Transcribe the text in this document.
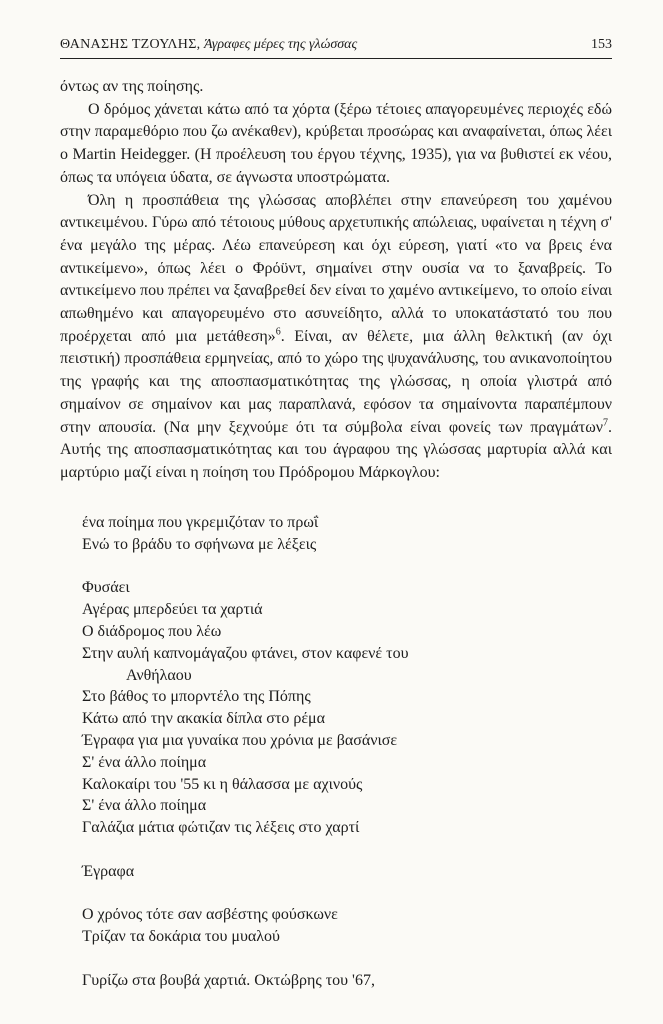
ΘΑΝΑΣΗΣ ΤΖΟΥΛΗΣ, Άγραφες μέρες της γλώσσας	153

όντως αν της ποίησης.

Ο δρόμος χάνεται κάτω από τα χόρτα (ξέρω τέτοιες απαγορευμένες περιοχές εδώ στην παραμεθόριο που ζω ανέκαθεν), κρύβεται προσώρας και αναφαίνεται, όπως λέει ο Martin Heidegger. (Η προέλευση του έργου τέχνης, 1935), για να βυθιστεί εκ νέου, όπως τα υπόγεια ύδατα, σε άγνωστα υποστρώματα.

Όλη η προσπάθεια της γλώσσας αποβλέπει στην επανεύρεση του χαμένου αντικειμένου. Γύρω από τέτοιους μύθους αρχετυπικής απώλειας, υφαίνεται η τέχνη σ' ένα μεγάλο της μέρας. Λέω επανεύρεση και όχι εύρεση, γιατί «το να βρεις ένα αντικείμενο», όπως λέει ο Φρόϋντ, σημαίνει στην ουσία να το ξαναβρείς. Το αντικείμενο που πρέπει να ξαναβρεθεί δεν είναι το χαμένο αντικείμενο, το οποίο είναι απωθημένο και απαγορευμένο στο ασυνείδητο, αλλά το υποκατάστατό του που προέρχεται από μια μετάθεση»$^6$. Είναι, αν θέλετε, μια άλλη θελκτική (αν όχι πειστική) προσπάθεια ερμηνείας, από το χώρο της ψυχανάλυσης, του ανικανοποίητου της γραφής και της αποσπασματικότητας της γλώσσας, η οποία γλιστρά από σημαίνον σε σημαίνον και μας παραπλανά, εφόσον τα σημαίνοντα παραπέμπουν στην απουσία. (Να μην ξεχνούμε ότι τα σύμβολα είναι φονείς των πραγμάτων$^7$. Αυτής της αποσπασματικότητας και του άγραφου της γλώσσας μαρτυρία αλλά και μαρτύριο μαζί είναι η ποίηση του Πρόδρομου Μάρκογλου:

ένα ποίημα που γκρεμιζόταν το πρωΐ
Ενώ το βράδυ το σφήνωνα με λέξεις
Φυσάει
Αγέρας μπερδεύει τα χαρτιά
Ο διάδρομος που λέω
Στην αυλή καπνομάγαζου φτάνει, στον καφενέ του
Ανθήλαου
Στο βάθος το μπορντέλο της Πόπης
Κάτω από την ακακία δίπλα στο ρέμα
Έγραφα για μια γυναίκα που χρόνια με βασάνισε
Σ' ένα άλλο ποίημα
Καλοκαίρι του '55 κι η θάλασσα με αχινούς
Σ' ένα άλλο ποίημα
Γαλάζια μάτια φώτιζαν τις λέξεις στο χαρτί
Έγραφα
Ο χρόνος τότε σαν ασβέστης φούσκωνε
Τρίζαν τα δοκάρια του μυαλού
Γυρίζω στα βουβά χαρτιά. Οκτώβρης του '67,
